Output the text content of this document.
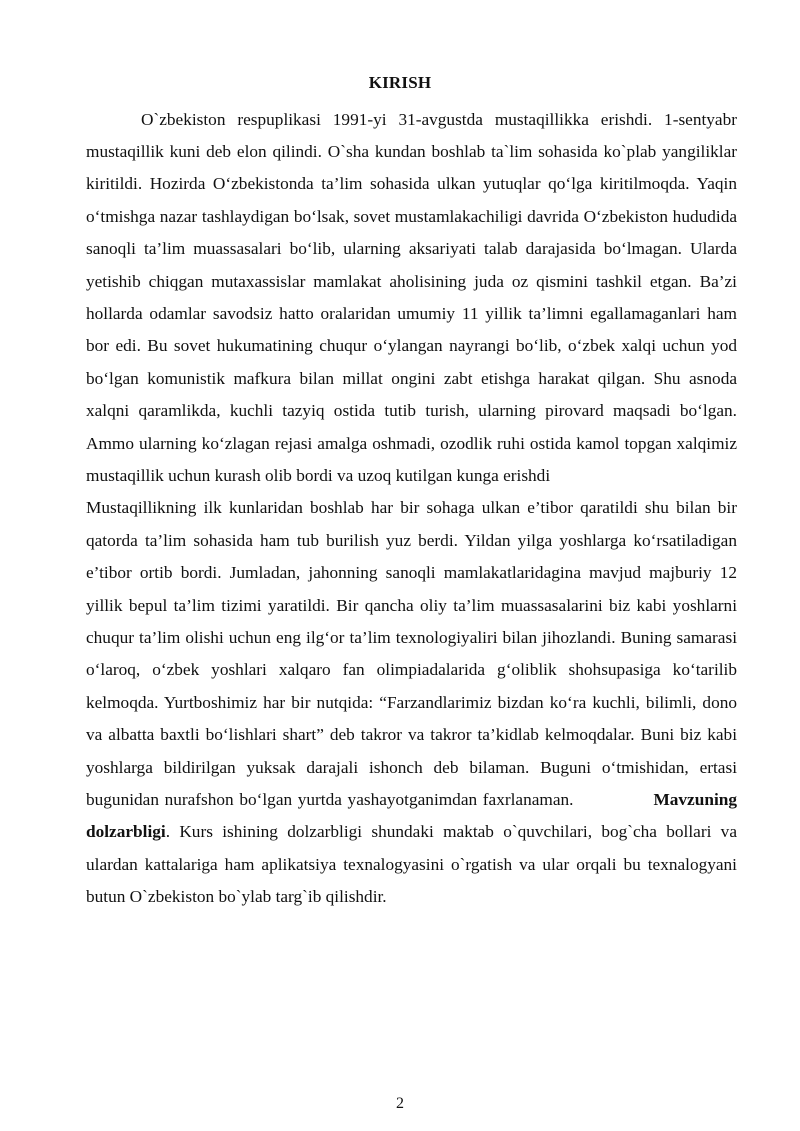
KIRISH

O`zbekiston respuplikasi 1991-yi 31-avgustda mustaqillikka erishdi. 1-sentyabr mustaqillik kuni deb elon qilindi. O`sha kundan boshlab ta`lim sohasida ko`plab yangiliklar kiritildi. Hozirda O‘zbekistonda ta’lim sohasida ulkan yutuqlar qo‘lga kiritilmoqda. Yaqin o‘tmishga nazar tashlaydigan bo‘lsak, sovet mustamlakachiligi davrida O‘zbekiston hududida sanoqli ta’lim muassasalari bo‘lib, ularning aksariyati talab darajasida bo‘lmagan. Ularda yetishib chiqgan mutaxassislar mamlakat aholisining juda oz qismini tashkil etgan. Ba’zi hollarda odamlar savodsiz hatto oralaridan umumiy 11 yillik ta’limni egallamaganlari ham bor edi. Bu sovet hukumatining chuqur o‘ylangan nayrangi bo‘lib, o‘zbek xalqi uchun yod bo‘lgan komunistik mafkura bilan millat ongini zabt etishga harakat qilgan. Shu asnoda xalqni qaramlikda, kuchli tazyiq ostida tutib turish, ularning pirovard maqsadi bo‘lgan. Ammo ularning ko‘zlagan rejasi amalga oshmadi, ozodlik ruhi ostida kamol topgan xalqimiz mustaqillik uchun kurash olib bordi va uzoq kutilgan kunga erishdi

Mustaqillikning ilk kunlaridan boshlab har bir sohaga ulkan e’tibor qaratildi shu bilan bir qatorda ta’lim sohasida ham tub burilish yuz berdi. Yildan yilga yoshlarga ko‘rsatiladigan e’tibor ortib bordi. Jumladan, jahonning sanoqli mamlakatlaridagina mavjud majburiy 12 yillik bepul ta’lim tizimi yaratildi. Bir qancha oliy ta’lim muassasalarini biz kabi yoshlarni chuqur ta’lim olishi uchun eng ilg‘or ta’lim texnologiyaliri bilan jihozlandi. Buning samarasi o‘laroq, o‘zbek yoshlari xalqaro fan olimpiadalarida g‘oliblik shohsupasiga ko‘tarilib kelmoqda. Yurtboshimiz har bir nutqida: “Farzandlarimiz bizdan ko‘ra kuchli, bilimli, dono va albatta baxtli bo‘lishlari shart” deb takror va takror ta’kidlab kelmoqdalar. Buni biz kabi yoshlarga bildirilgan yuksak darajali ishonch deb bilaman. Buguni o‘tmishidan, ertasi bugunidan nurafshon bo‘lgan yurtda yashayotganimdan faxrlanaman.	Mavzuning dolzarbligi. Kurs ishining dolzarbligi shundaki maktab o`quvchilari, bog`cha bollari va ulardan kattalariga ham aplikatsiya texnalogyasini o`rgatish va ular orqali bu texnalogyani butun O`zbekiston bo`ylab targ`ib qilishdir.

2
